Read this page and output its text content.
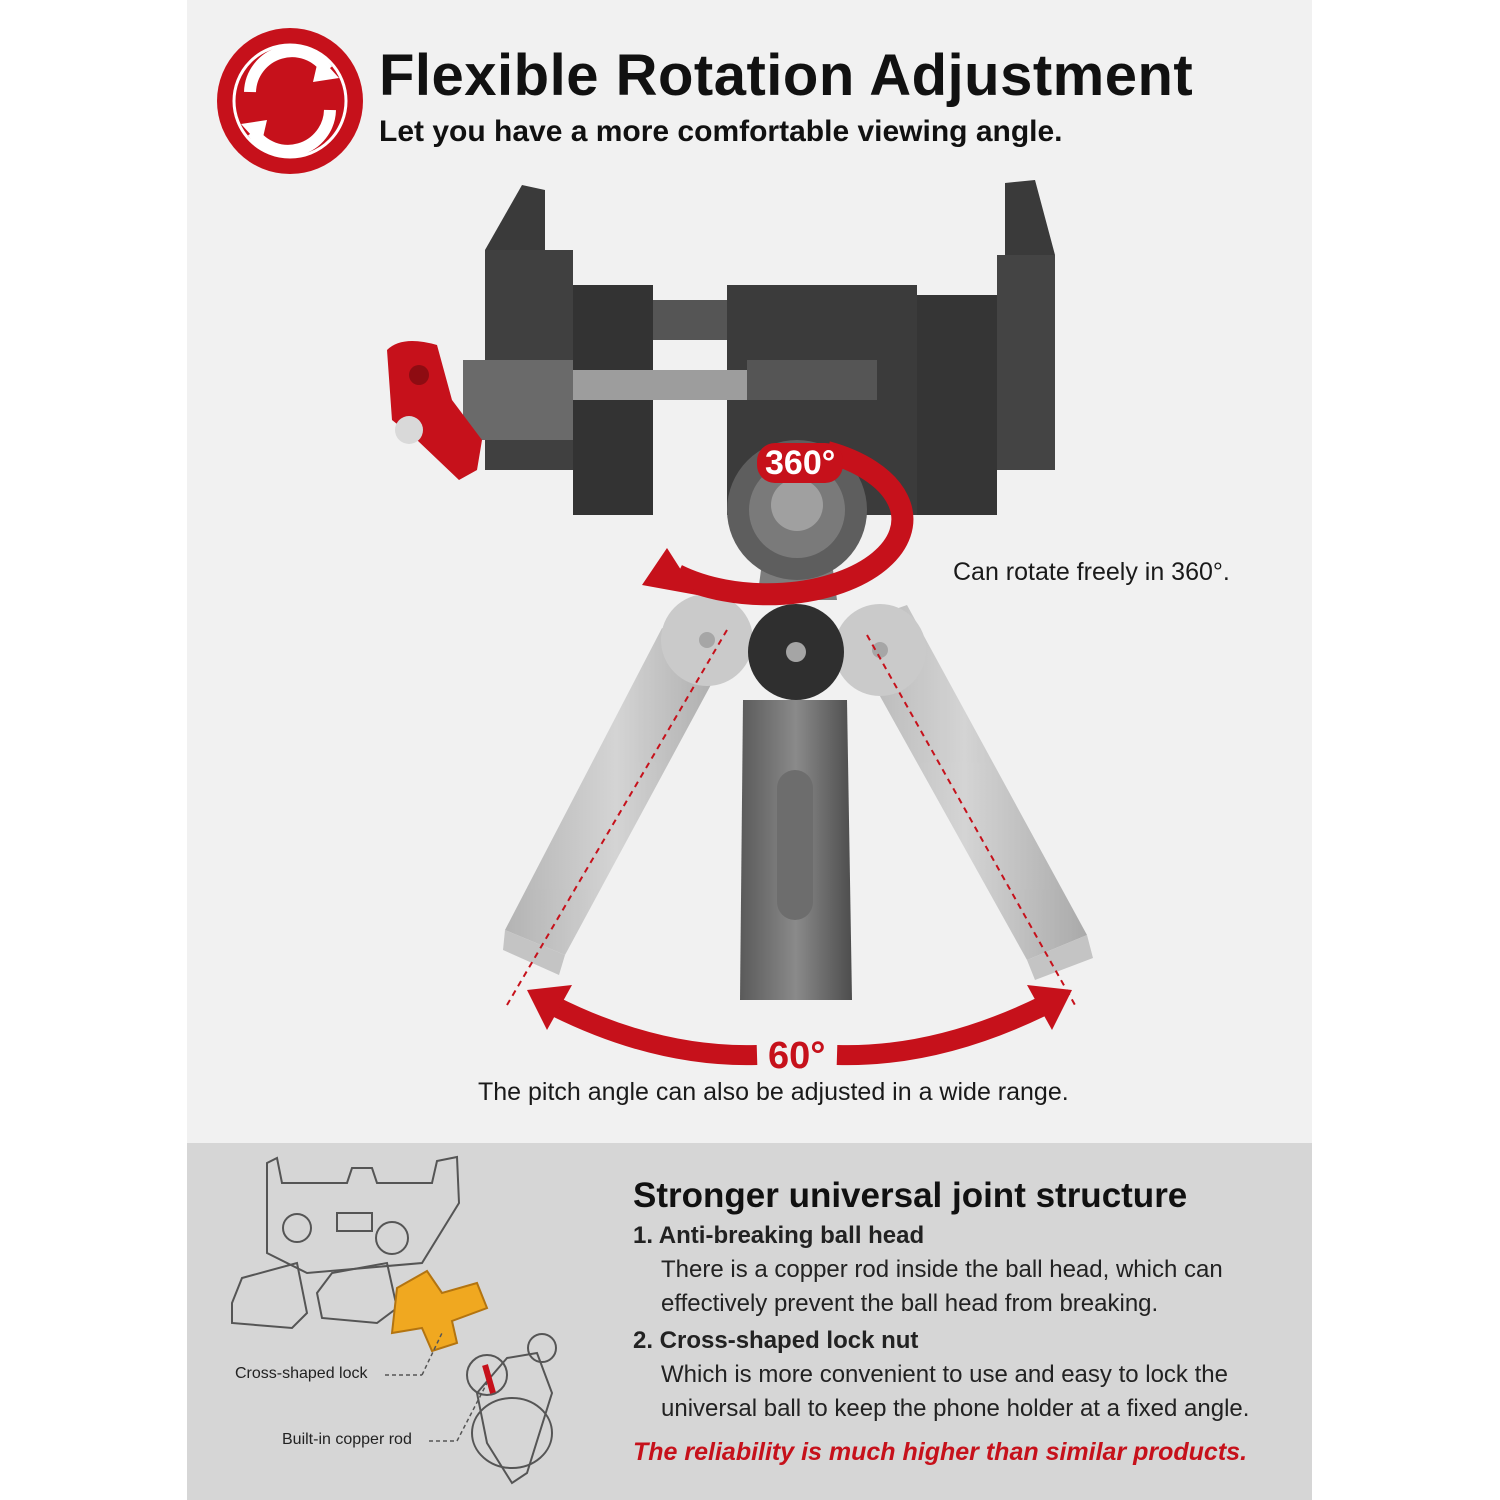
Flexible Rotation Adjustment
Let you have a more comfortable viewing angle.
360°
Can rotate freely in 360°.
60°
The pitch angle can also be adjusted in a wide range.
Cross-shaped lock
Built-in copper rod
Stronger universal joint structure
1. Anti-breaking ball head
There is a copper rod inside the ball head, which can effectively prevent the ball head from breaking.
2. Cross-shaped lock nut
Which is more convenient to use and easy to lock the universal ball to keep the phone holder at a fixed angle.
The reliability is much higher than similar products.
